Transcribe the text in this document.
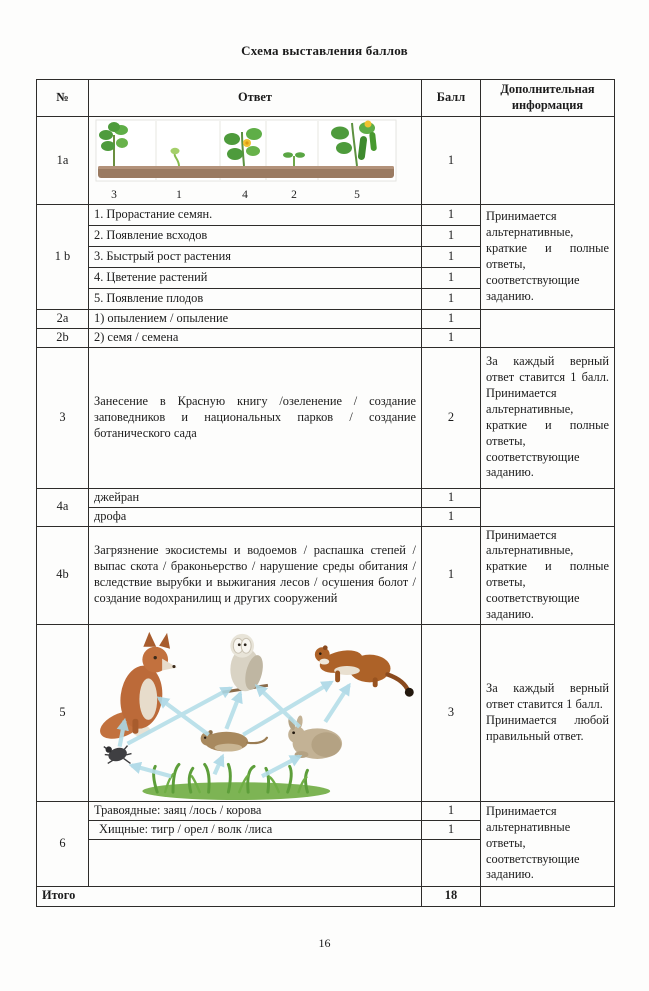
Схема выставления баллов
№	Ответ	Балл	Дополнительная информация
1a	3 1 4 2 5	1	
1 b	1. Прорастание семян.	1	Принимается альтернативные, краткие и полные ответы, соответствующие заданию.
	2. Появление всходов	1	
	3. Быстрый рост растения	1	
	4. Цветение растений	1	
	5. Появление плодов	1	
2a	1) опылением / опыление	1	
2b	2) семя / семена	1	
3	Занесение в Красную книгу /озеленение / создание заповедников и национальных парков / создание ботанического сада	2	За каждый верный ответ ставится 1 балл. Принимается альтернативные, краткие и полные ответы, соответствующие заданию.
4a	джейран	1	
	дрофа	1	
4b	Загрязнение экосистемы и водоемов / распашка степей / выпас скота / браконьерство / нарушение среды обитания / вследствие вырубки и выжигания лесов / осушения болот / создание водохранилищ и других сооружений	1	Принимается альтернативные, краткие и полные ответы, соответствующие заданию.
5		3	За каждый верный ответ ставится 1 балл.
Принимается любой правильный ответ.

6	Травоядные: заяц /лось / корова	1	Принимается альтернативные ответы, соответствующие заданию.
	Хищные: тигр / орел / волк /лиса	1	

Итого		18	
16
